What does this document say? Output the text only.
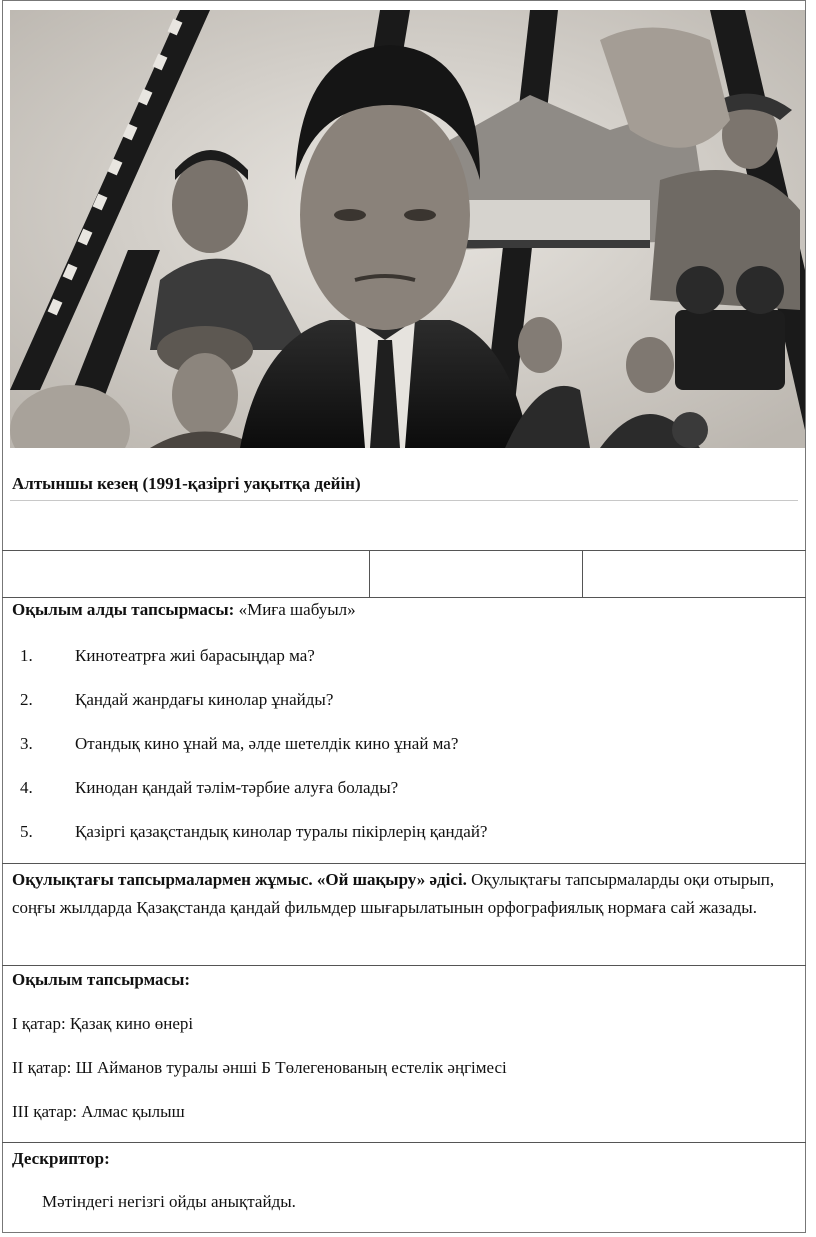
Алтыншы кезең (1991-қазіргі уақытқа дейін)
Оқылым алды тапсырмасы: «Миға шабуыл»
1. Кинотеатрға жиі барасыңдар ма?
2. Қандай жанрдағы кинолар ұнайды?
3. Отандық кино ұнай ма, әлде шетелдік кино ұнай ма?
4. Кинодан қандай тәлім-тәрбие алуға болады?
5. Қазіргі қазақстандық кинолар туралы пікірлерің қандай?
Оқулықтағы тапсырмалармен жұмыс. «Ой шақыру» әдісі. Оқулықтағы тапсырмаларды оқи отырып, соңғы жылдарда Қазақстанда қандай фильмдер шығарылатынын орфографиялық нормаға сай жазады.
Оқылым тапсырмасы:
І қатар: Қазақ кино өнері
ІІ қатар: Ш Айманов туралы әнші Б Төлегенованың естелік әңгімесі
ІІІ қатар: Алмас қылыш
Дескриптор:
Мәтіндегі негізгі ойды анықтайды.
